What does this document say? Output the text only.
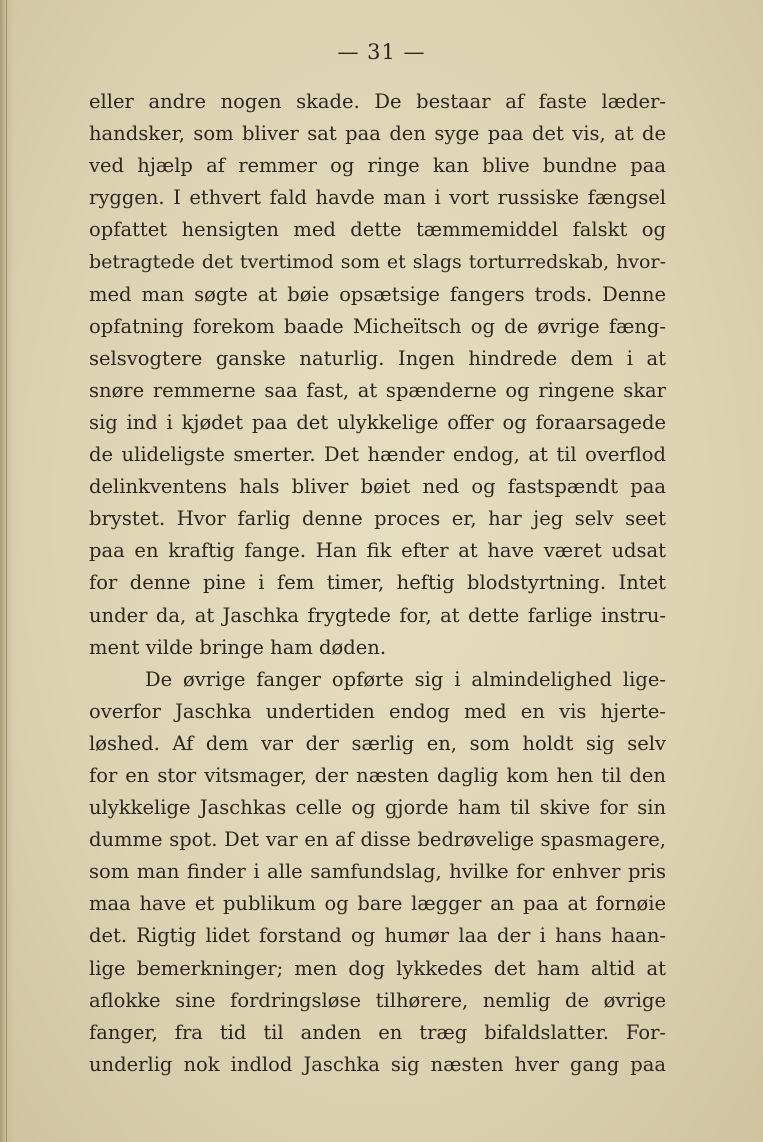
— 31 —
eller andre nogen skade. De bestaar af faste læder-
handsker, som bliver sat paa den syge paa det vis, at de
ved hjælp af remmer og ringe kan blive bundne paa
ryggen. I ethvert fald havde man i vort russiske fængsel
opfattet hensigten med dette tæmmemiddel falskt og
betragtede det tvertimod som et slags torturredskab, hvor-
med man søgte at bøie opsætsige fangers trods. Denne
opfatning forekom baade Micheïtsch og de øvrige fæng-
selsvogtere ganske naturlig. Ingen hindrede dem i at
snøre remmerne saa fast, at spænderne og ringene skar
sig ind i kjødet paa det ulykkelige offer og foraarsagede
de ulideligste smerter. Det hænder endog, at til overflod
delinkventens hals bliver bøiet ned og fastspændt paa
brystet. Hvor farlig denne proces er, har jeg selv seet
paa en kraftig fange. Han fik efter at have været udsat
for denne pine i fem timer, heftig blodstyrtning. Intet
under da, at Jaschka frygtede for, at dette farlige instru-
ment vilde bringe ham døden.
De øvrige fanger opførte sig i almindelighed lige-
overfor Jaschka undertiden endog med en vis hjerte-
løshed. Af dem var der særlig en, som holdt sig selv
for en stor vitsmager, der næsten daglig kom hen til den
ulykkelige Jaschkas celle og gjorde ham til skive for sin
dumme spot. Det var en af disse bedrøvelige spasmagere,
som man finder i alle samfundslag, hvilke for enhver pris
maa have et publikum og bare lægger an paa at fornøie
det. Rigtig lidet forstand og humør laa der i hans haan-
lige bemerkninger; men dog lykkedes det ham altid at
aflokke sine fordringsløse tilhørere, nemlig de øvrige
fanger, fra tid til anden en træg bifaldslatter. For-
underlig nok indlod Jaschka sig næsten hver gang paa
